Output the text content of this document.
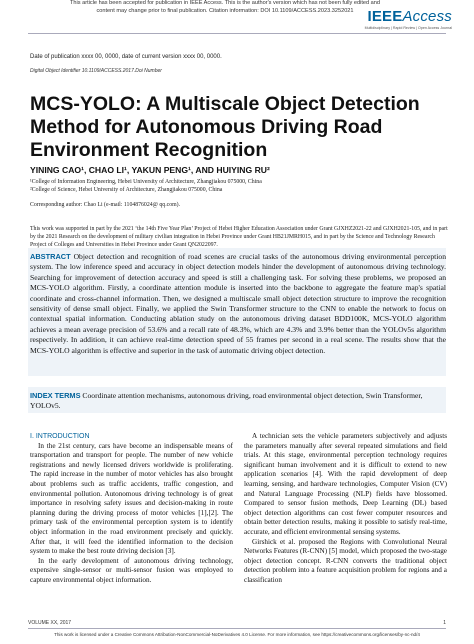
This article has been accepted for publication in IEEE Access. This is the author's version which has not been fully edited and
content may change prior to final publication. Citation information: DOI 10.1109/ACCESS.2023.3252021 IEEEAccess
Multidisciplinary | Rapid Review | Open Access Journal
Date of publication xxxx 00, 0000, date of current version xxxx 00, 0000.
Digital Object Identifier 10.1109/ACCESS.2017.Doi Number
MCS-YOLO: A Multiscale Object Detection Method for Autonomous Driving Road Environment Recognition
YINING CAO¹, CHAO LI¹, YAKUN PENG¹, AND HUIYING RU²
¹College of Information Engineering, Hebei University of Architecture, Zhangjiakou 075000, China
²College of Science, Hebei University of Architecture, Zhangjiakou 075000, China
Corresponding author: Chao Li (e-mail: 1104876024@ qq.com).
This work was supported in part by the 2021 ‘the 14th Five Year Plan’ Project of Hebei Higher Education Association under Grant GJXHZ2021-22 and GJXH2021-105, and in part by the 2021 Research on the development of military civilian integration in Hebei Province under Grant HB21JMRH015, and in part by the Science and Technology Research Project of Colleges and Universities in Hebei Province under Grant QN2022097.
ABSTRACT Object detection and recognition of road scenes are crucial tasks of the autonomous driving environmental perception system. The low inference speed and accuracy in object detection models hinder the development of autonomous driving technology. Searching for improvement of detection accuracy and speed is still a challenging task. For solving these problems, we proposed an MCS-YOLO algorithm. Firstly, a coordinate attention module is inserted into the backbone to aggregate the feature map's spatial coordinate and cross-channel information. Then, we designed a multiscale small object detection structure to improve the recognition sensitivity of dense small object. Finally, we applied the Swin Transformer structure to the CNN to enable the network to focus on contextual spatial information. Conducting ablation study on the autonomous driving dataset BDD100K, MCS-YOLO algorithm achieves a mean average precision of 53.6% and a recall rate of 48.3%, which are 4.3% and 3.9% better than the YOLOv5s algorithm respectively. In addition, it can achieve real-time detection speed of 55 frames per second in a real scene. The results show that the MCS-YOLO algorithm is effective and superior in the task of automatic driving object detection.
INDEX TERMS Coordinate attention mechanisms, autonomous driving, road environmental object detection, Swin Transformer, YOLOv5.
I. INTRODUCTION

In the 21st century, cars have become an indispensable means of transportation and transport for people. The number of new vehicle registrations and newly licensed drivers worldwide is proliferating. The rapid increase in the number of motor vehicles has also brought about problems such as traffic accidents, traffic congestion, and environmental pollution. Autonomous driving technology is of great importance in resolving safety issues and decision-making in route planning during the driving process of motor vehicles [1],[2]. The primary task of the environmental perception system is to identify object information in the road environment precisely and quickly. After that, it will feed the identified information to the decision system to make the best route driving decision [3].

In the early development of autonomous driving technology, expensive single-sensor or multi-sensor fusion was employed to capture environmental object information.

A technician sets the vehicle parameters subjectively and adjusts the parameters manually after several repeated simulations and field trials. At this stage, environmental perception technology requires significant human involvement and it is difficult to extend to new application scenarios [4]. With the rapid development of deep learning, sensing, and hardware technologies, Computer Vision (CV) and Natural Language Processing (NLP) fields have blossomed. Compared to sensor fusion methods, Deep Learning (DL) based object detection algorithms can cost fewer computer resources and obtain better detection results, making it possible to satisfy real-time, accurate, and efficient environmental sensing systems.

Girshick et al. proposed the Regions with Convolutional Neural Networks Features (R-CNN) [5] model, which proposed the two-stage object detection concept. R-CNN converts the traditional object detection problem into a feature acquisition problem for regions and a classification

VOLUME XX, 2017	1
This work is licensed under a Creative Commons Attribution-NonCommercial-NoDerivatives 4.0 License. For more information, see https://creativecommons.org/licenses/by-nc-nd/4
